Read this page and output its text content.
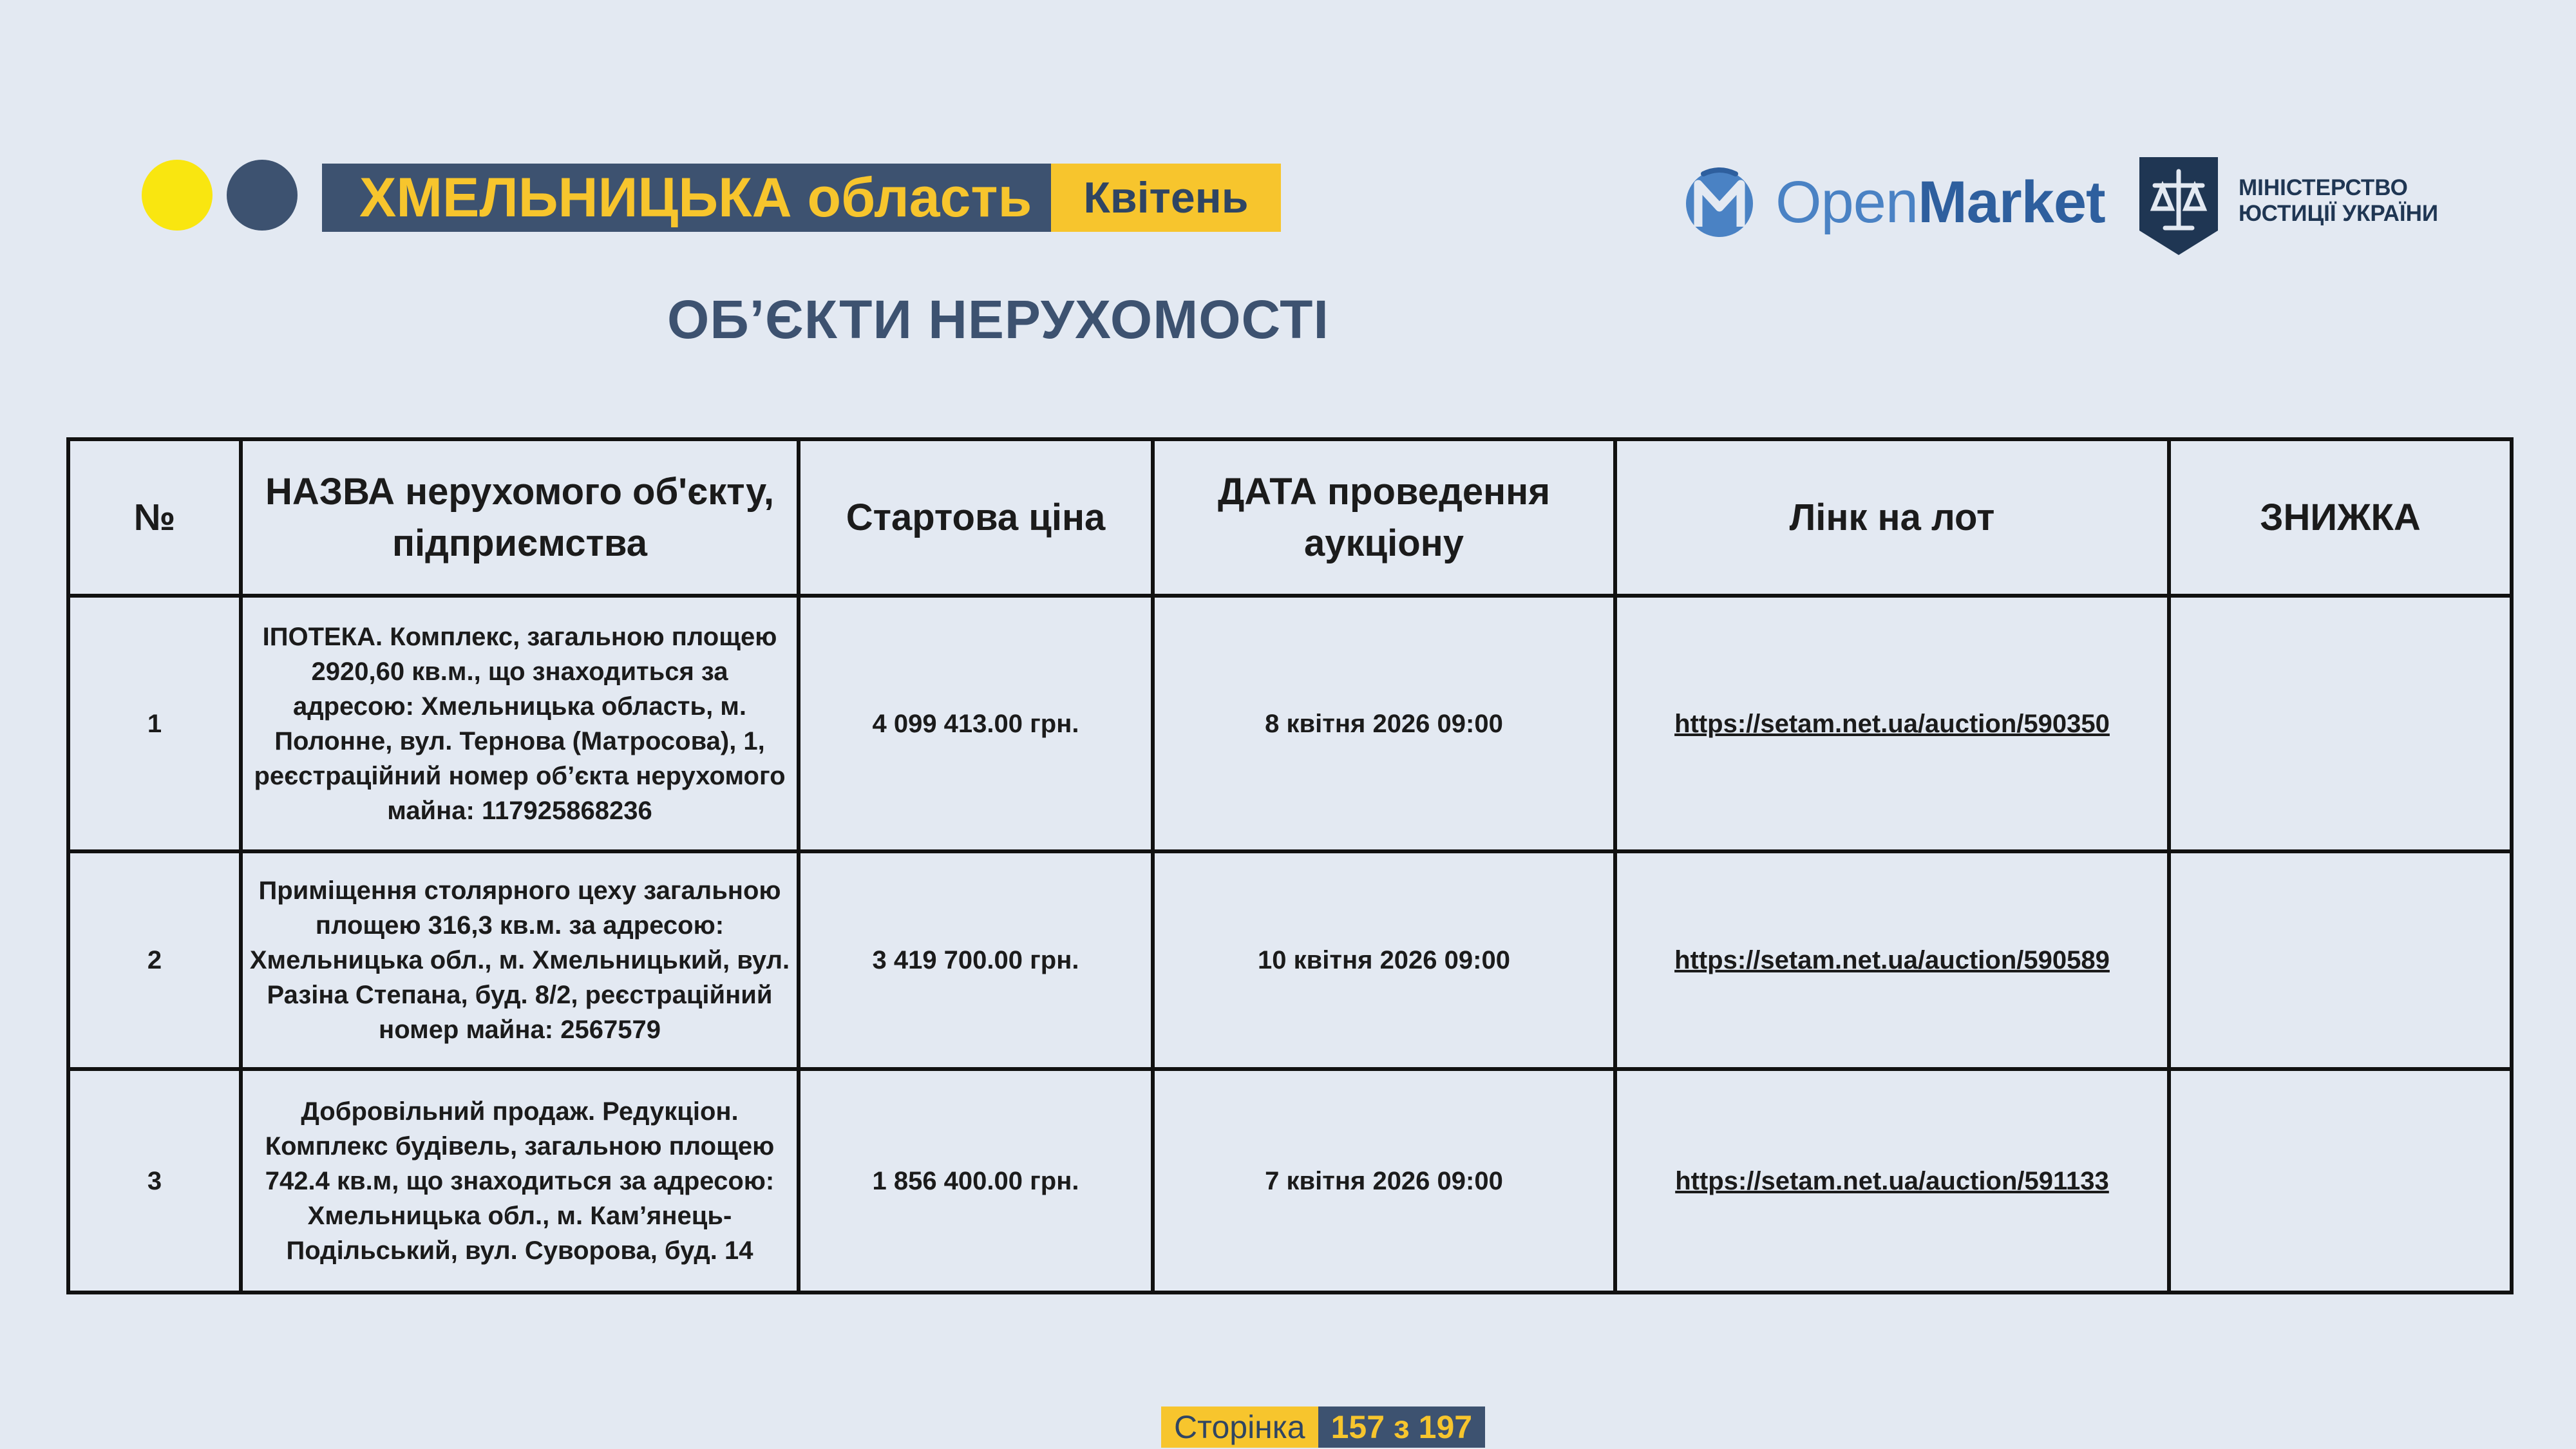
ХМЕЛЬНИЦЬКА область	Квітень	OpenMarket	МІНІСТЕРСТВО
ЮСТИЦІЇ УКРАЇНИ
ОБ’ЄКТИ НЕРУХОМОСТІ
№	НАЗВА нерухомого об'єкту, підприємства	Стартова ціна	ДАТА проведення аукціону	Лінк на лот	ЗНИЖКА
1	ІПОТЕКА. Комплекс, загальною площею 2920,60 кв.м., що знаходиться за адресою: Хмельницька область, м. Полонне, вул. Тернова (Матросова), 1, реєстраційний номер об’єкта нерухомого майна: 117925868236	4 099 413.00 грн.	8 квітня 2026 09:00	https://setam.net.ua/auction/590350	
2	Приміщення столярного цеху загальною площею 316,3 кв.м. за адресою: Хмельницька обл., м. Хмельницький, вул. Разіна Степана, буд. 8/2, реєстраційний номер майна: 2567579	3 419 700.00 грн.	10 квітня 2026 09:00	https://setam.net.ua/auction/590589	
3	Добровільний продаж. Редукціон. Комплекс будівель, загальною площею 742.4 кв.м, що знаходиться за адресою: Хмельницька обл., м. Кам’янець-Подільський, вул. Суворова, буд. 14	1 856 400.00 грн.	7 квітня 2026 09:00	https://setam.net.ua/auction/591133	
Сторінка 157 з 197
